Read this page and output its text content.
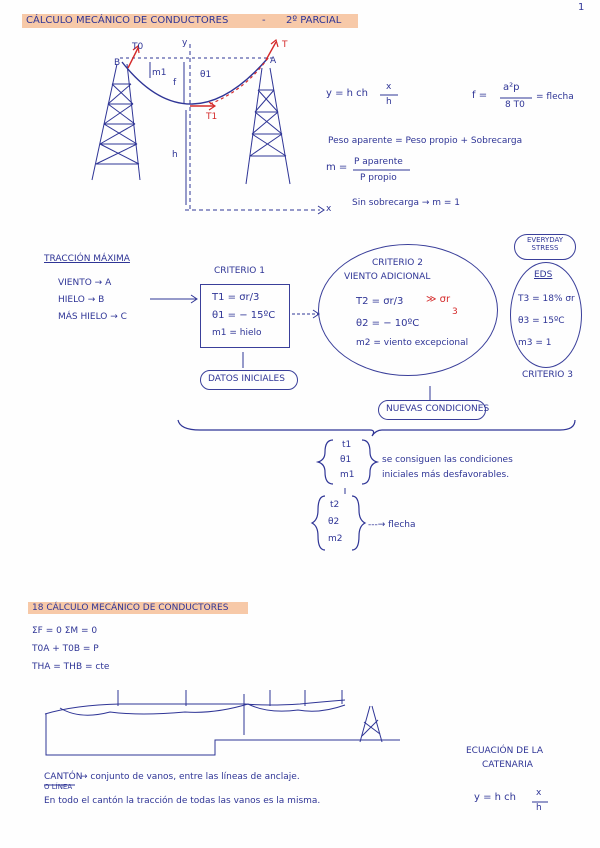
1
CÁLCULO MECÁNICO DE CONDUCTORES	- 2º PARCIAL
T0
B	A
y
m1	θ1
f
T
T1
h
x
y = h ch
x
h
f =
a²p
8 T0
= flecha
Peso aparente = Peso propio + Sobrecarga
m = P aparente
P propio
Sin sobrecarga → m = 1
TRACCIÓN MÁXIMA
VIENTO → A
HIELO → B
MÁS HIELO → C
CRITERIO 1
T1 = σr/3
θ1 = − 15ºC
m1 = hielo
DATOS INICIALES
CRITERIO 2
VIENTO ADICIONAL
T2 = σr/3 ≫ σr
3
θ2 = − 10ºC
m2 = viento excepcional
NUEVAS CONDICIONES
EVERYDAY STRESS
EDS
T3 = 18% σr
θ3 = 15ºC
m3 = 1
CRITERIO 3
t1
θ1
m1
se consiguen las condiciones
iniciales más desfavorables.
t2
θ2
m2
---→ flecha
18 CÁLCULO MECÁNICO DE CONDUCTORES
ΣF = 0 ΣM = 0
T0A + T0B = P
THA = THB = cte
ECUACIÓN DE LA
CATENARIA
y = h ch x
h
CANTÓN
O LÍNEA
→ conjunto de vanos, entre las líneas de anclaje.
En todo el cantón la tracción de todas las vanos es la misma.
